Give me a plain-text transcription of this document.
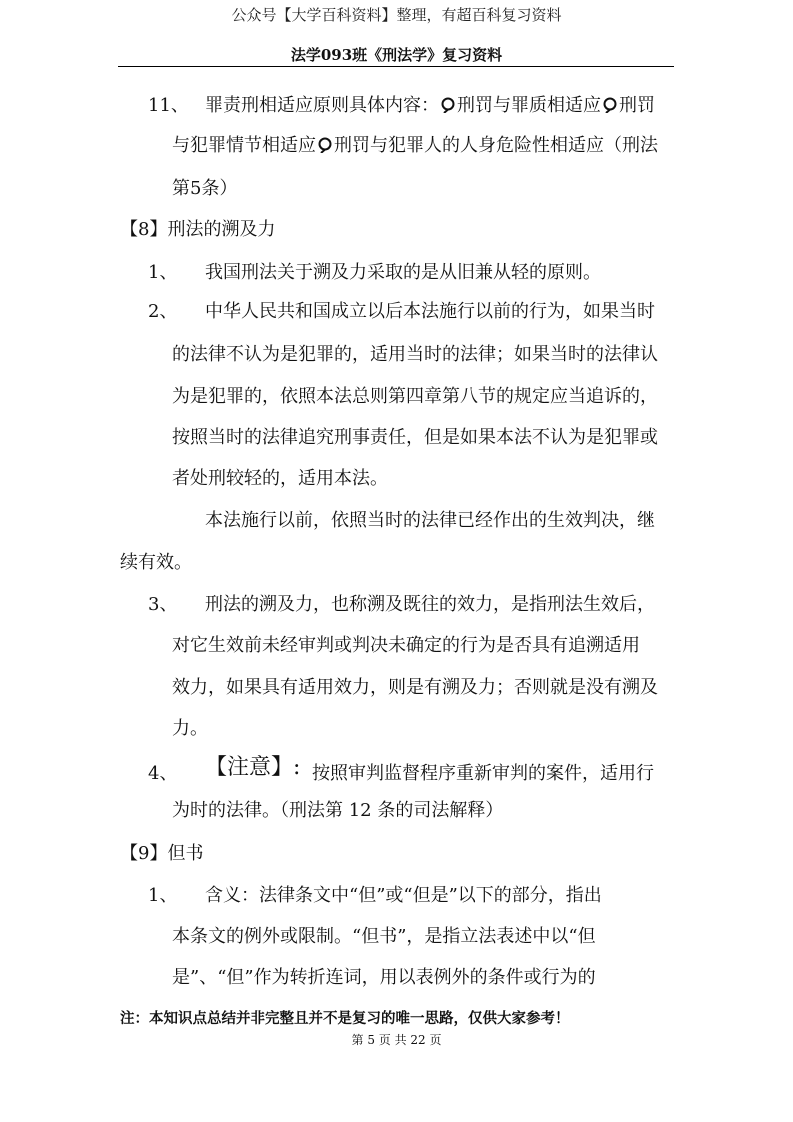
公众号【大学百科资料】整理，有超百科复习资料
法学093班《刑法学》复习资料
11、 罪责刑相适应原则具体内容： 刑罚与罪质相适应 刑罚
与犯罪情节相适应 刑罚与犯罪人的人身危险性相适应（刑法
第5条）
【8】刑法的溯及力
1、 我国刑法关于溯及力采取的是从旧兼从轻的原则。
2、 中华人民共和国成立以后本法施行以前的行为，如果当时
的法律不认为是犯罪的，适用当时的法律；如果当时的法律认
为是犯罪的，依照本法总则第四章第八节的规定应当追诉的，
按照当时的法律追究刑事责任，但是如果本法不认为是犯罪或
者处刑较轻的，适用本法。
本法施行以前，依照当时的法律已经作出的生效判决，继
续有效。
3、 刑法的溯及力，也称溯及既往的效力，是指刑法生效后，
对它生效前未经审判或判决未确定的行为是否具有追溯适用
效力，如果具有适用效力，则是有溯及力；否则就是没有溯及
力。
4、 【注意】: 按照审判监督程序重新审判的案件，适用行
为时的法律。（刑法第 12 条的司法解释）
【9】但书
1、 含义：法律条文中“但”或“但是”以下的部分，指出
本条文的例外或限制。“但书”，是指立法表述中以“但
是”、“但”作为转折连词，用以表例外的条件或行为的
注：本知识点总结并非完整且并不是复习的唯一思路，仅供大家参考！
第 5 页 共 22 页
